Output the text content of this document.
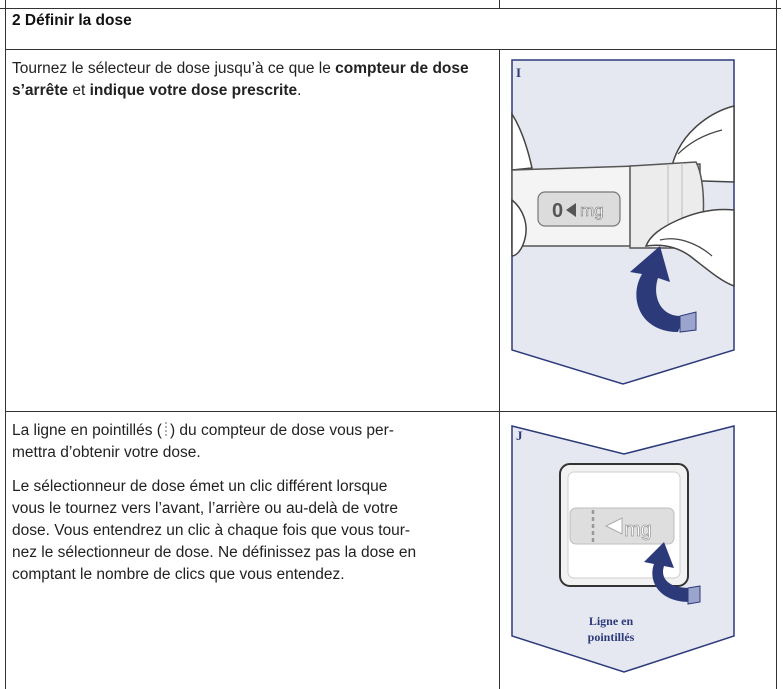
2 Définir la dose
Tournez le sélecteur de dose jusqu’à ce que le compteur de dose s’arrête et indique votre dose prescrite.
La ligne en pointillés ( ) du compteur de dose vous per-
mettra d’obtenir votre dose.
Le sélectionneur de dose émet un clic différent lorsque
vous le tournez vers l’avant, l’arrière ou au-delà de votre
dose. Vous entendrez un clic à chaque fois que vous tour-
nez le sélectionneur de dose. Ne définissez pas la dose en
comptant le nombre de clics que vous entendez.
I
0 mg
J
mg
Ligne en
pointillés
